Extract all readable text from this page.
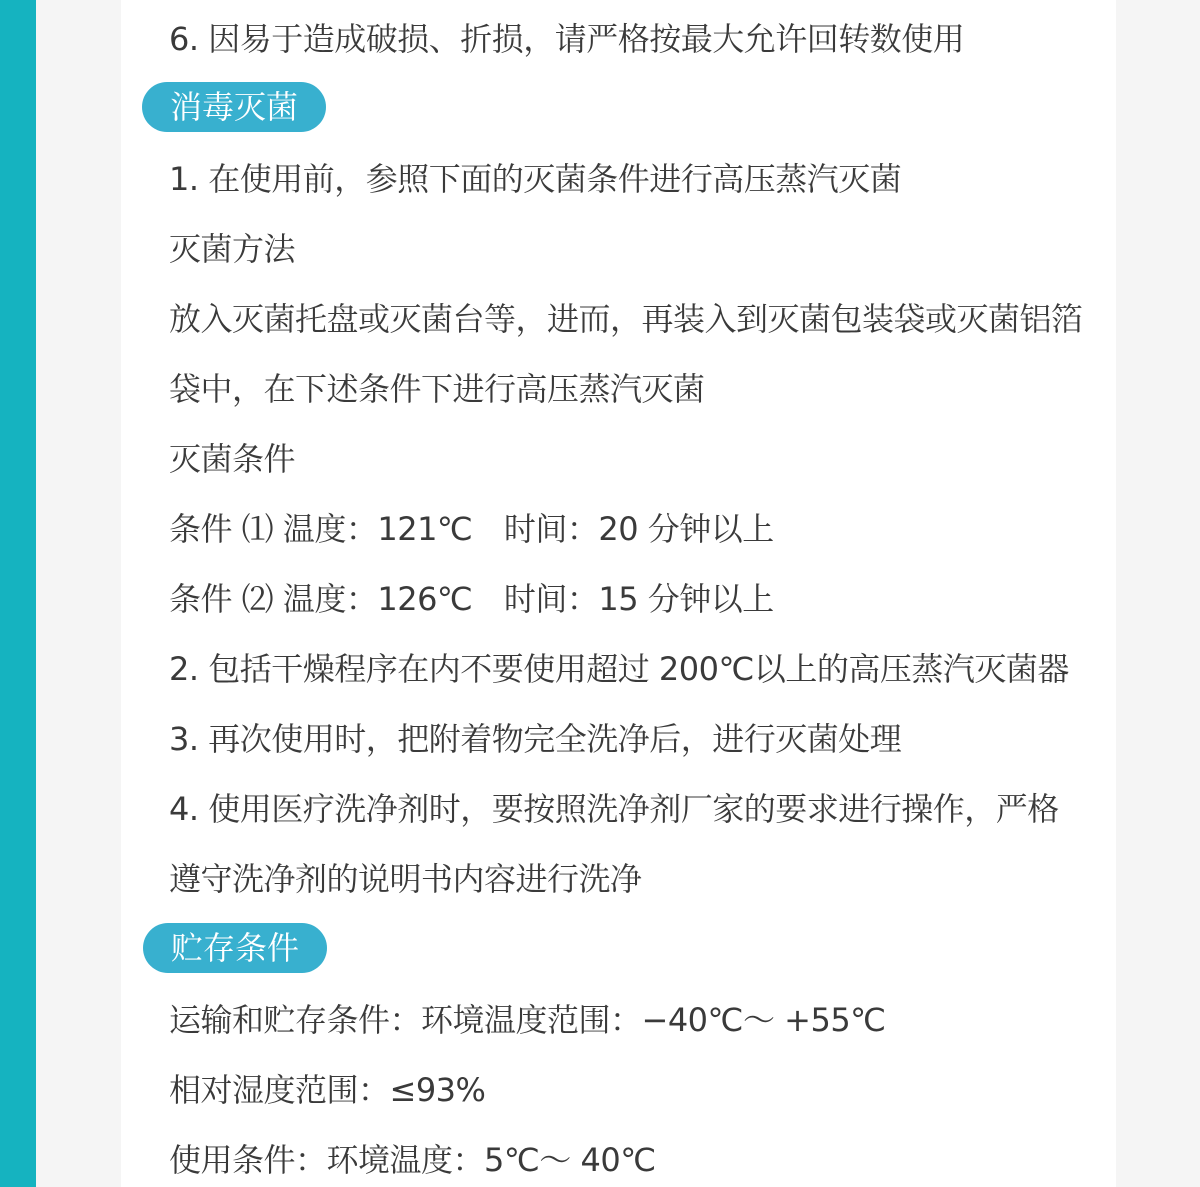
6. 因易于造成破损、折损，请严格按最大允许回转数使用
消毒灭菌
1. 在使用前，参照下面的灭菌条件进行高压蒸汽灭菌
灭菌方法
放入灭菌托盘或灭菌台等，进而，再装入到灭菌包装袋或灭菌铝箔
袋中，在下述条件下进行高压蒸汽灭菌
灭菌条件
条件 ⑴ 温度：121℃　时间：20 分钟以上
条件 ⑵ 温度：126℃　时间：15 分钟以上
2. 包括干燥程序在内不要使用超过 200℃以上的高压蒸汽灭菌器
3. 再次使用时，把附着物完全洗净后，进行灭菌处理
4. 使用医疗洗净剂时，要按照洗净剂厂家的要求进行操作，严格
遵守洗净剂的说明书内容进行洗净
贮存条件
运输和贮存条件：环境温度范围：−40℃～ +55℃
相对湿度范围：≤93%
使用条件：环境温度：5℃～ 40℃
